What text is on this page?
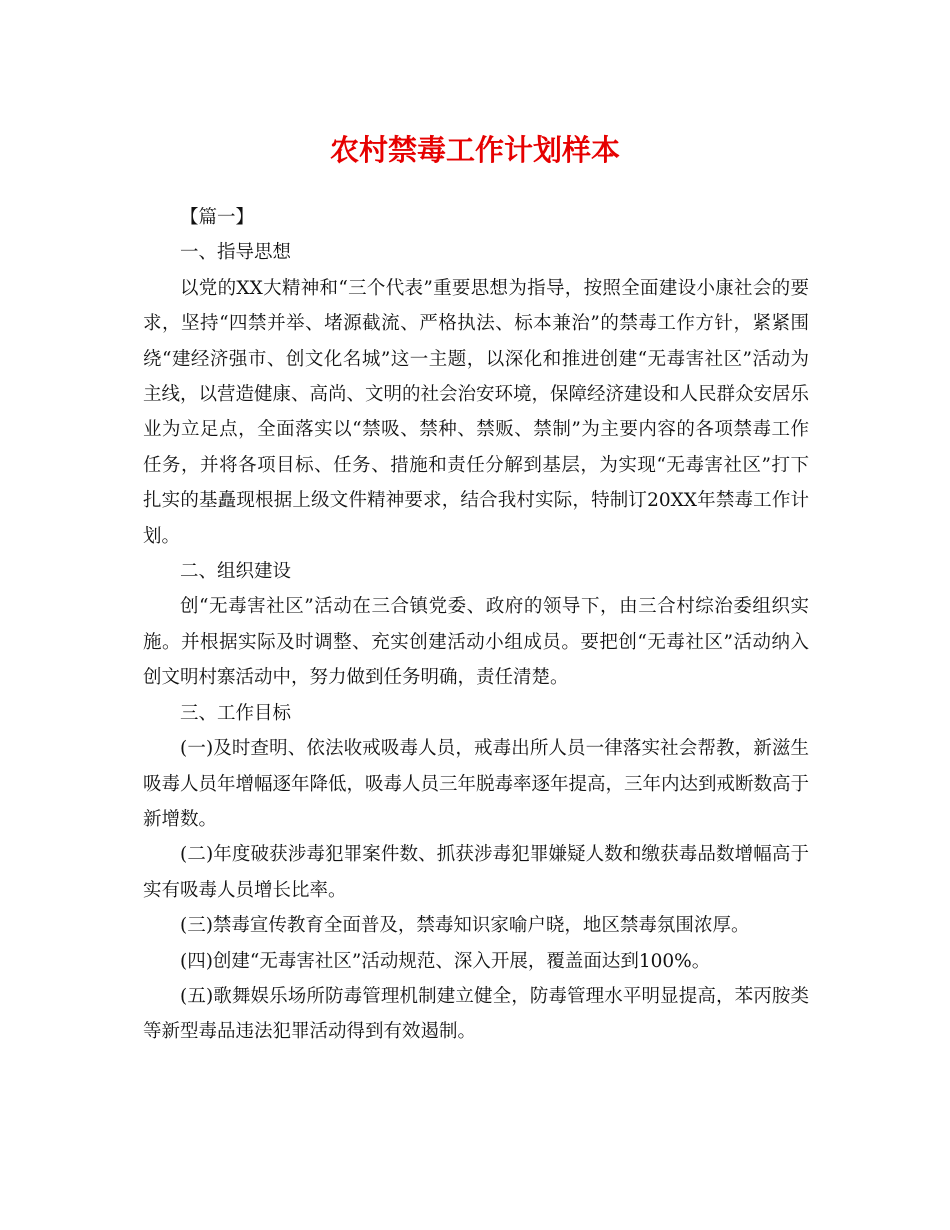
农村禁毒工作计划样本

【篇一】

一、指导思想

以党的XX大精神和“三个代表”重要思想为指导，按照全面建设小康社会的要求，坚持“四禁并举、堵源截流、严格执法、标本兼治”的禁毒工作方针，紧紧围绕“建经济强市、创文化名城”这一主题，以深化和推进创建“无毒害社区”活动为主线，以营造健康、高尚、文明的社会治安环境，保障经济建设和人民群众安居乐业为立足点，全面落实以“禁吸、禁种、禁贩、禁制”为主要内容的各项禁毒工作任务，并将各项目标、任务、措施和责任分解到基层，为实现“无毒害社区”打下扎实的基矗现根据上级文件精神要求，结合我村实际，特制订20XX年禁毒工作计划。

二、组织建设

创“无毒害社区”活动在三合镇党委、政府的领导下，由三合村综治委组织实施。并根据实际及时调整、充实创建活动小组成员。要把创“无毒社区”活动纳入创文明村寨活动中，努力做到任务明确，责任清楚。

三、工作目标

(一)及时查明、依法收戒吸毒人员，戒毒出所人员一律落实社会帮教，新滋生吸毒人员年增幅逐年降低，吸毒人员三年脱毒率逐年提高，三年内达到戒断数高于新增数。

(二)年度破获涉毒犯罪案件数、抓获涉毒犯罪嫌疑人数和缴获毒品数增幅高于实有吸毒人员增长比率。

(三)禁毒宣传教育全面普及，禁毒知识家喻户晓，地区禁毒氛围浓厚。

(四)创建“无毒害社区”活动规范、深入开展，覆盖面达到100%。

(五)歌舞娱乐场所防毒管理机制建立健全，防毒管理水平明显提高，苯丙胺类等新型毒品违法犯罪活动得到有效遏制。
